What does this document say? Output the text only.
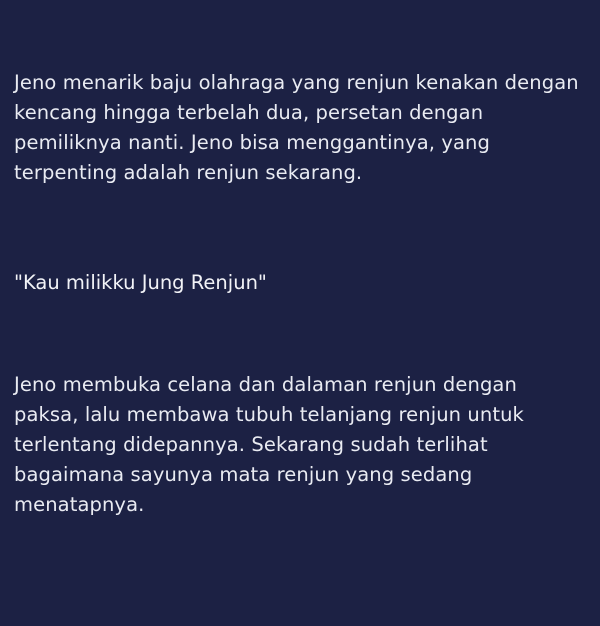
Jeno menarik baju olahraga yang renjun kenakan dengan kencang hingga terbelah dua, persetan dengan pemiliknya nanti. Jeno bisa menggantinya, yang terpenting adalah renjun sekarang.

"Kau milikku Jung Renjun"

Jeno membuka celana dan dalaman renjun dengan paksa, lalu membawa tubuh telanjang renjun untuk terlentang didepannya. Sekarang sudah terlihat bagaimana sayunya mata renjun yang sedang menatapnya.
